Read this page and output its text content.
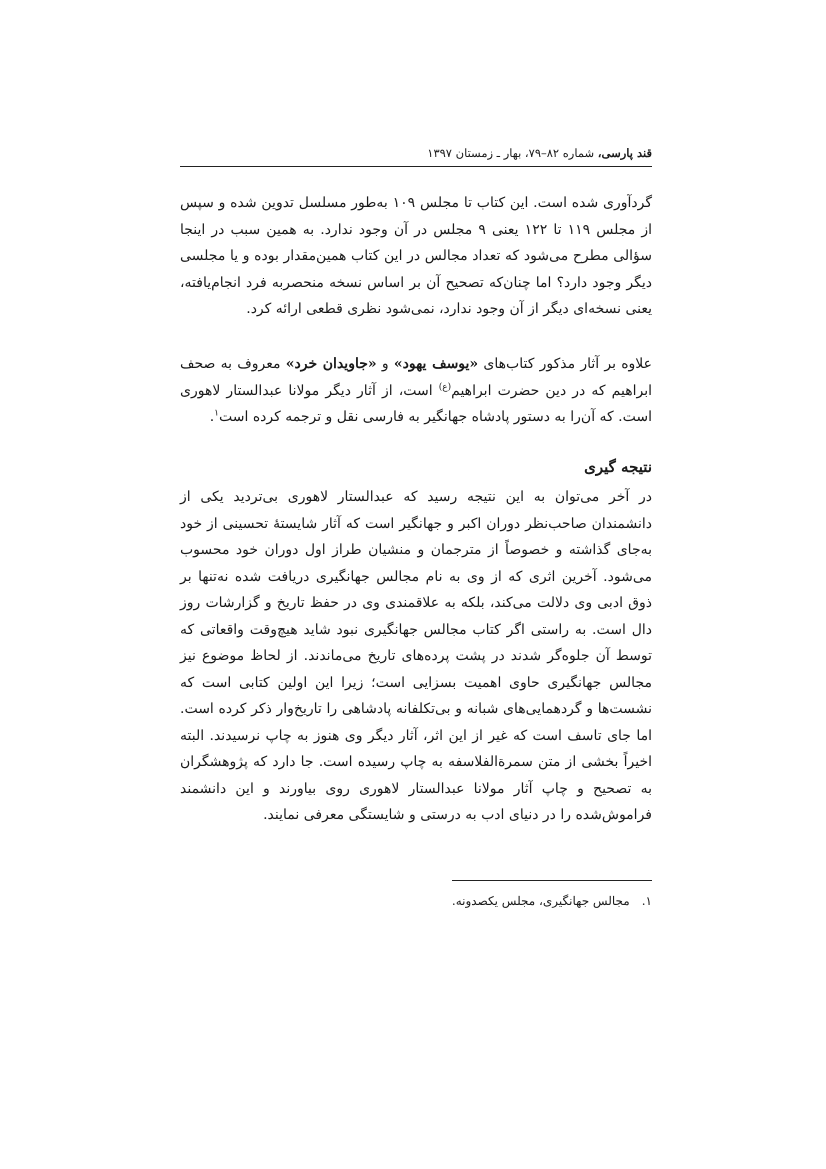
قند پارسی، شماره ۸۲–۷۹، بهار ـ زمستان ۱۳۹۷

گردآوری شده است. این کتاب تا مجلس ۱۰۹ به‌طور مسلسل تدوین شده و سپس از مجلس ۱۱۹ تا ۱۲۲ یعنی ۹ مجلس در آن وجود ندارد. به همین سبب در اینجا سؤالی مطرح می‌شود که تعداد مجالس در این کتاب همین‌مقدار بوده و یا مجلسی دیگر وجود دارد؟ اما چنان‌که تصحیح آن بر اساس نسخه منحصربه فرد انجام‌یافته، یعنی نسخه‌ای دیگر از آن وجود ندارد، نمی‌شود نظری قطعی ارائه کرد.

علاوه بر آثار مذکور کتاب‌های «یوسف یهود» و «جاویدان خرد» معروف به صحف ابراهیم که در دین حضرت ابراهیم$^{(ع)}$ است، از آثار دیگر مولانا عبدالستار لاهوری است. که آن‌را به دستور پادشاه جهانگیر به فارسی نقل و ترجمه کرده است$^۱$.

نتیجه گیری

در آخر می‌توان به این نتیجه رسید که عبدالستار لاهوری بی‌تردید یکی از دانشمندان صاحب‌نظر دوران اکبر و جهانگیر است که آثار شایستهٔ تحسینی از خود به‌جای گذاشته و خصوصاً از مترجمان و منشیان طراز اول دوران خود محسوب می‌شود. آخرین اثری که از وی به نام مجالس جهانگیری دریافت شده نه‌تنها بر ذوق ادبی وی دلالت می‌کند، بلکه به علاقمندی وی در حفظ تاریخ و گزارشات روز دال است. به راستی اگر کتاب مجالس جهانگیری نبود شاید هیچ‌وقت واقعاتی که توسط آن جلوه‌گر شدند در پشت پرده‌های تاریخ می‌ماندند. از لحاظ موضوع نیز مجالس جهانگیری حاوی اهمیت بسزایی است؛ زیرا این اولین کتابی است که نشست‌ها و گردهمایی‌های شبانه و بی‌تکلفانه پادشاهی را تاریخ‌وار ذکر کرده است. اما جای تاسف است که غیر از این اثر، آثار دیگر وی هنوز به چاپ نرسیدند. البته اخیراً بخشی از متن سمرةالفلاسفه به چاپ رسیده است. جا دارد که پژوهشگران به تصحیح و چاپ آثار مولانا عبدالستار لاهوری روی بیاورند و این دانشمند فراموش‌شده را در دنیای ادب به درستی و شایستگی معرفی نمایند.

۱.مجالس جهانگیری، مجلس یکصدونه.
